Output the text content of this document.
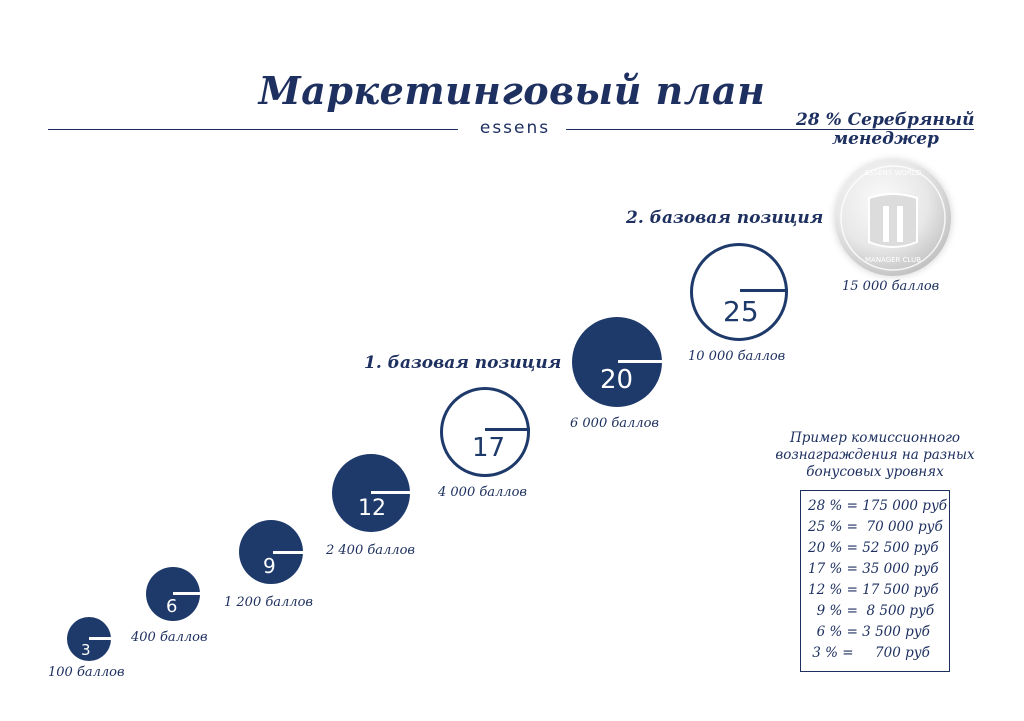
Маркетинговый план
essens	28 % Серебряный
менеджер
ESSENS WORLD
MANAGER CLUB
15 000 баллов
1. базовая позиция
2. базовая позиция
3
100 баллов
6
400 баллов
9
1 200 баллов
12
2 400 баллов
17
4 000 баллов
20
6 000 баллов
25
10 000 баллов
Пример комиссионного
вознаграждения на разных
бонусовых уровнях
28 % = 175 000 руб
25 % =  70 000 руб
20 % = 52 500 руб
17 % = 35 000 руб
12 % = 17 500 руб
9 % =  8 500 руб
6 % = 3 500 руб
3 % =     700 руб
